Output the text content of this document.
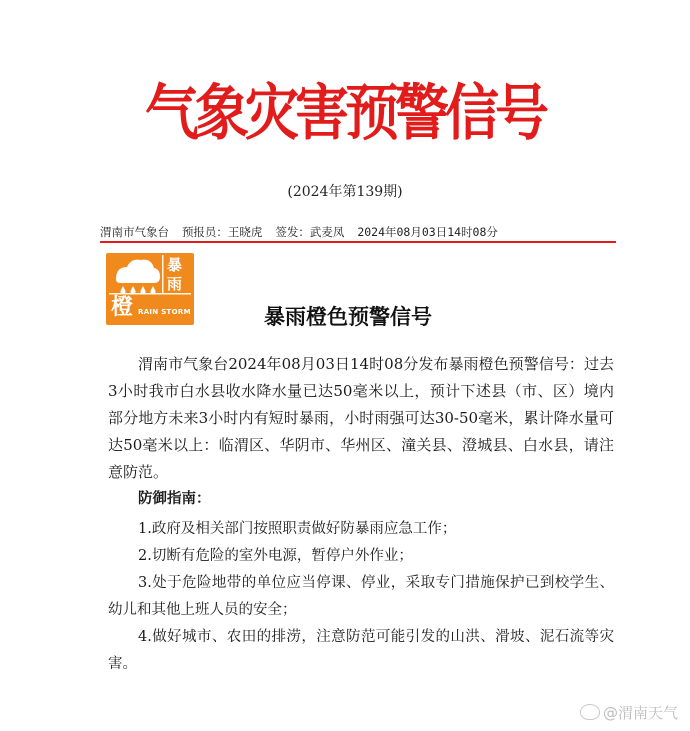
气象灾害预警信号
(2024年第139期)
渭南市气象台 预报员：王晓虎 签发：武麦凤 2024年08月03日14时08分
橙
暴
雨
RAIN STORM	暴雨橙色预警信号
渭南市气象台2024年08月03日14时08分发布暴雨橙色预警信号：过去3小时我市白水县收水降水量已达50毫米以上，预计下述县（市、区）境内部分地方未来3小时内有短时暴雨，小时雨强可达30-50毫米，累计降水量可达50毫米以上：临渭区、华阴市、华州区、潼关县、澄城县、白水县，请注意防范。
防御指南：
1.政府及相关部门按照职责做好防暴雨应急工作；
2.切断有危险的室外电源，暂停户外作业；
3.处于危险地带的单位应当停课、停业，采取专门措施保护已到校学生、幼儿和其他上班人员的安全；
4.做好城市、农田的排涝，注意防范可能引发的山洪、滑坡、泥石流等灾害。
@渭南天气
